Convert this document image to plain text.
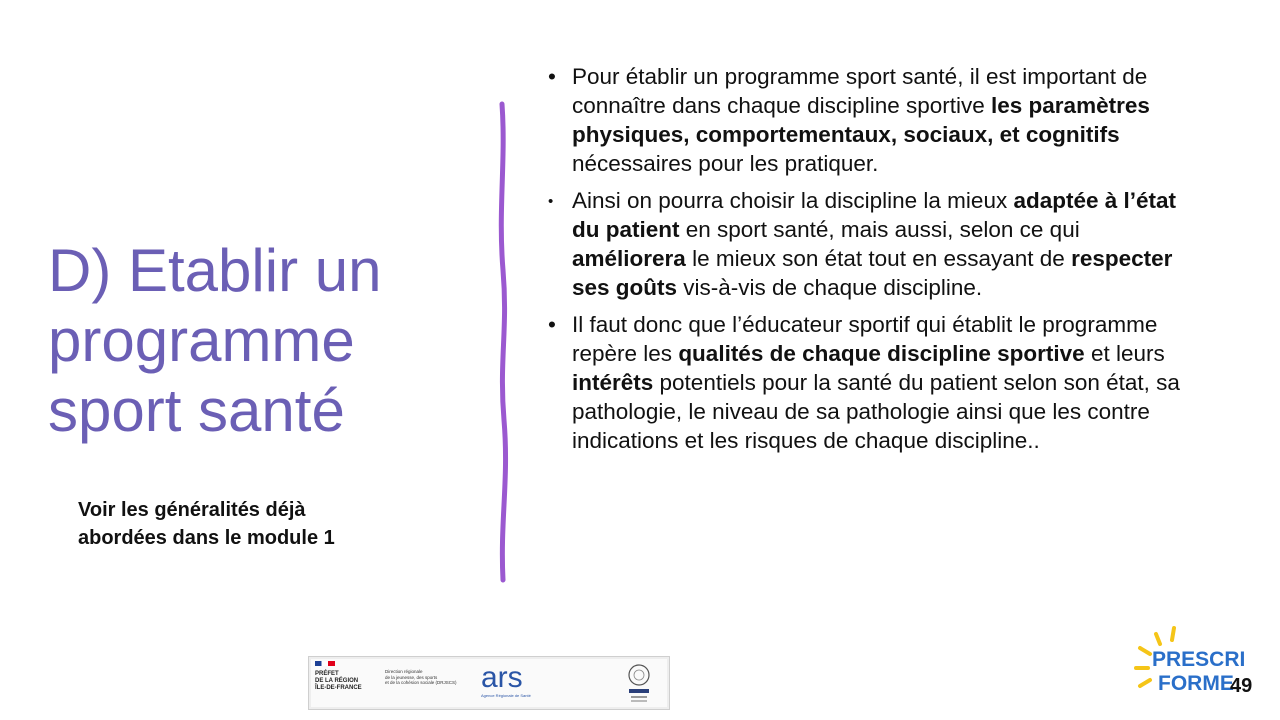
D) Etablir un
programme
sport santé

Voir les généralités déjà
abordées dans le module 1

• Pour établir un programme sport santé, il est important de connaître dans chaque discipline sportive les paramètres physiques, comportementaux, sociaux, et cognitifs nécessaires pour les pratiquer.
• Ainsi on pourra choisir la discipline la mieux adaptée à l’état du patient en sport santé, mais aussi, selon ce qui améliorera le mieux son état tout en essayant de respecter ses goûts vis-à-vis de chaque discipline.
• Il faut donc que l’éducateur sportif qui établit le programme repère les qualités de chaque discipline sportive et leurs intérêts potentiels pour la santé du patient selon son état, sa pathologie, le niveau de sa pathologie ainsi que les contre indications et les risques de chaque discipline..

PRÉFET
DE LA RÉGION
ÎLE-DE-FRANCE
Direction régionale
de la jeunesse, des sports
et de la cohésion sociale (DRJSCS) ars
Agence Régionale de Santé
PRESCRI’
FORME
49
